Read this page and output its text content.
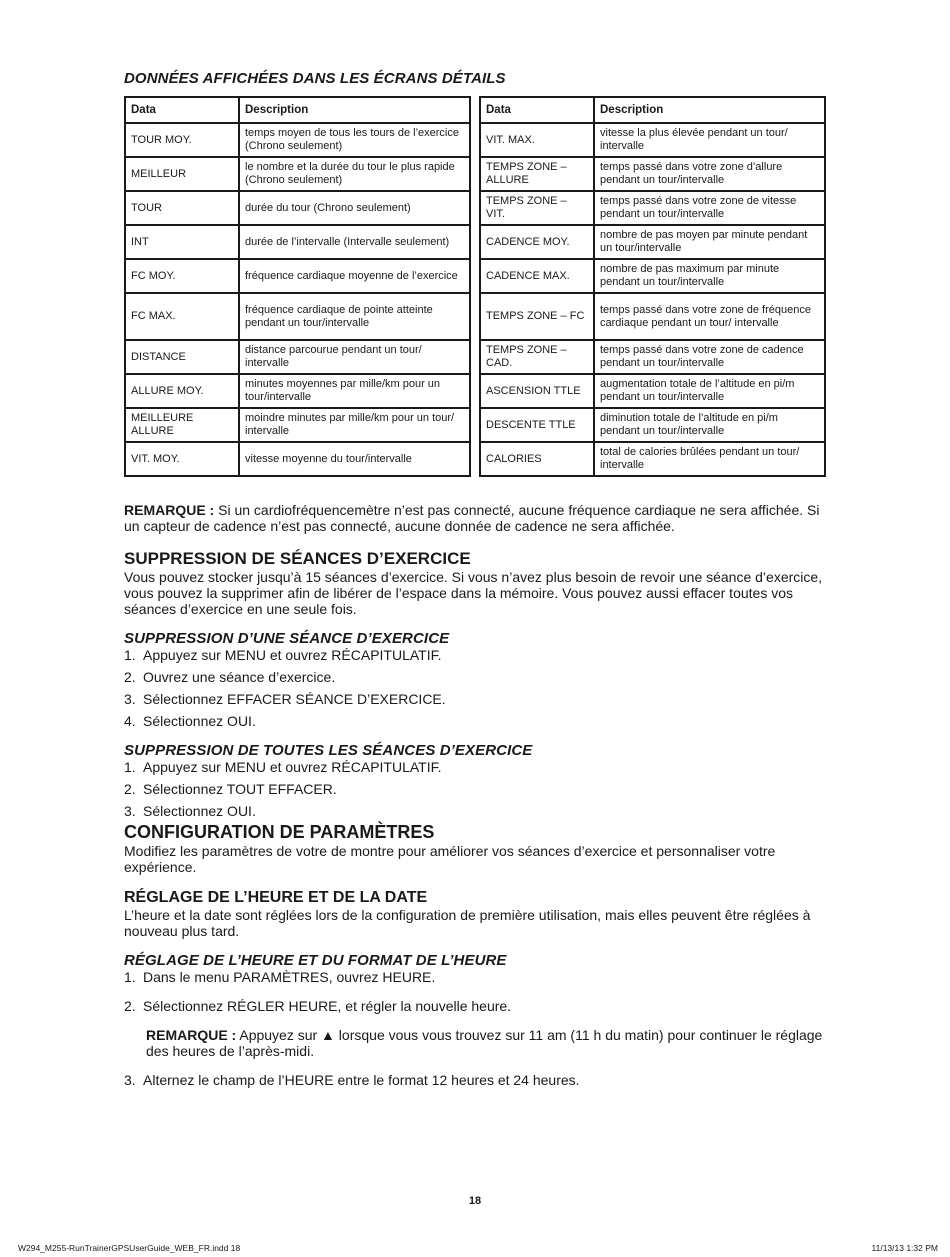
DONNÉES AFFICHÉES DANS LES ÉCRANS DÉTAILS

Data	Description
TOUR MOY.	temps moyen de tous les tours de l’exercice (Chrono seulement)
MEILLEUR	le nombre et la durée du tour le plus rapide (Chrono seulement)
TOUR	durée du tour (Chrono seulement)
INT	durée de l’intervalle (Intervalle seulement)
FC MOY.	fréquence cardiaque moyenne de l’exercice
FC MAX.	fréquence cardiaque de pointe atteinte pendant un tour/intervalle
DISTANCE	distance parcourue pendant un tour/ intervalle
ALLURE MOY.	minutes moyennes par mille/km pour un tour/intervalle
MEILLEURE ALLURE	moindre minutes par mille/km pour un tour/ intervalle
VIT. MOY.	vitesse moyenne du tour/intervalle
Data	Description
VIT. MAX.	vitesse la plus élevée pendant un tour/ intervalle
TEMPS ZONE – ALLURE	temps passé dans votre zone d’allure pendant un tour/intervalle
TEMPS ZONE – VIT.	temps passé dans votre zone de vitesse pendant un tour/intervalle
CADENCE MOY.	nombre de pas moyen par minute pendant un tour/intervalle
CADENCE MAX.	nombre de pas maximum par minute pendant un tour/intervalle
TEMPS ZONE – FC	temps passé dans votre zone de fréquence cardiaque pendant un tour/ intervalle
TEMPS ZONE – CAD.	temps passé dans votre zone de cadence pendant un tour/intervalle
ASCENSION TTLE	augmentation totale de l’altitude en pi/m pendant un tour/intervalle
DESCENTE TTLE	diminution totale de l’altitude en pi/m pendant un tour/intervalle
CALORIES	total de calories brûlées pendant un tour/ intervalle

REMARQUE : Si un cardiofréquencemètre n’est pas connecté, aucune fréquence cardiaque ne sera affichée. Si un capteur de cadence n’est pas connecté, aucune donnée de cadence ne sera affichée.

SUPPRESSION DE SÉANCES D’EXERCICE

Vous pouvez stocker jusqu’à 15 séances d’exercice. Si vous n’avez plus besoin de revoir une séance d’exercice, vous pouvez la supprimer afin de libérer de l’espace dans la mémoire. Vous pouvez aussi effacer toutes vos séances d’exercice en une seule fois.

SUPPRESSION D’UNE SÉANCE D’EXERCICE

1. Appuyez sur MENU et ouvrez RÉCAPITULATIF.
2. Ouvrez une séance d’exercice.
3. Sélectionnez EFFACER SÉANCE D’EXERCICE.
4. Sélectionnez OUI.

SUPPRESSION DE TOUTES LES SÉANCES D’EXERCICE

1. Appuyez sur MENU et ouvrez RÉCAPITULATIF.
2. Sélectionnez TOUT EFFACER.
3. Sélectionnez OUI.

CONFIGURATION DE PARAMÈTRES

Modifiez les paramètres de votre de montre pour améliorer vos séances d’exercice et personnaliser votre expérience.

RÉGLAGE DE L’HEURE ET DE LA DATE

L’heure et la date sont réglées lors de la configuration de première utilisation, mais elles peuvent être réglées à nouveau plus tard.

RÉGLAGE DE L’HEURE ET DU FORMAT DE L’HEURE

1. Dans le menu PARAMÈTRES, ouvrez HEURE.
2. Sélectionnez RÉGLER HEURE, et régler la nouvelle heure.

REMARQUE : Appuyez sur ▲ lorsque vous vous trouvez sur 11 am (11 h du matin) pour continuer le réglage des heures de l’après-midi.

3. Alternez le champ de l’HEURE entre le format 12 heures et 24 heures.
18
W294_M255-RunTrainerGPSUserGuide_WEB_FR.indd 18	11/13/13 1:32 PM
